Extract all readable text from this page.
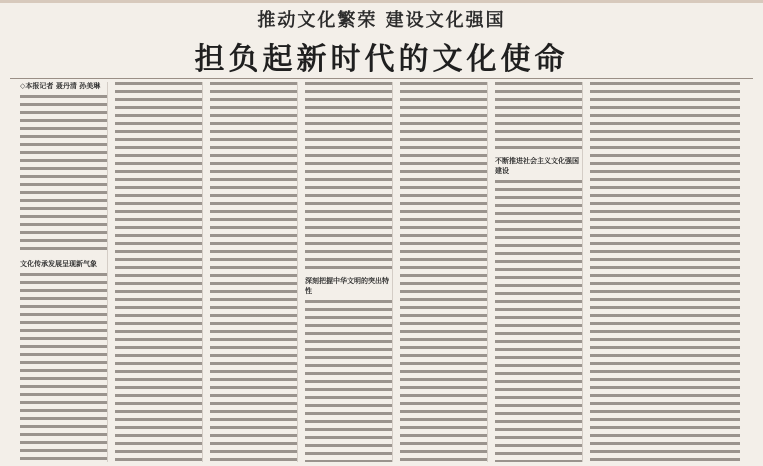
推动文化繁荣 建设文化强国
担负起新时代的文化使命
◇本报记者 聂丹清 孙美琳
文化传承发展呈现新气象
深刻把握中华文明的突出特性
不断推进社会主义文化强国建设
